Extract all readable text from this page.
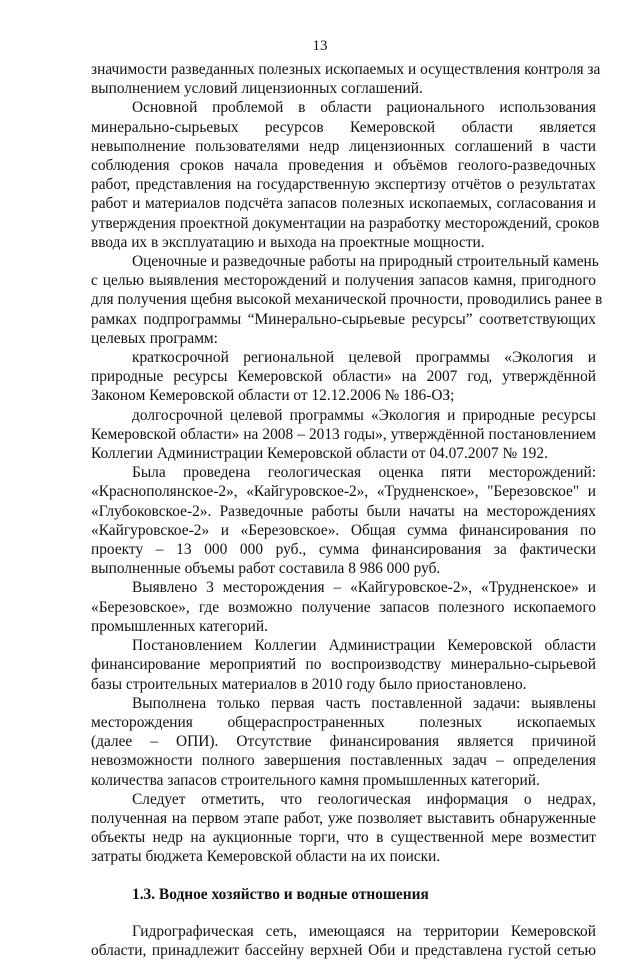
13
значимости разведанных полезных ископаемых и осуществления контроля за
выполнением условий лицензионных соглашений.
Основной проблемой в области рационального использования
минерально-сырьевых ресурсов Кемеровской области является
невыполнение пользователями недр лицензионных соглашений в части
соблюдения сроков начала проведения и объёмов геолого-разведочных
работ, представления на государственную экспертизу отчётов о результатах
работ и материалов подсчёта запасов полезных ископаемых, согласования и
утверждения проектной документации на разработку месторождений, сроков
ввода их в эксплуатацию и выхода на проектные мощности.
Оценочные и разведочные работы на природный строительный камень
с целью выявления месторождений и получения запасов камня, пригодного
для получения щебня высокой механической прочности, проводились ранее в
рамках подпрограммы “Минерально-сырьевые ресурсы” соответствующих
целевых программ:
краткосрочной региональной целевой программы «Экология и
природные ресурсы Кемеровской области» на 2007 год, утверждённой
Законом Кемеровской области от 12.12.2006 № 186-ОЗ;
долгосрочной целевой программы «Экология и природные ресурсы
Кемеровской области» на 2008 – 2013 годы», утверждённой постановлением
Коллегии Администрации Кемеровской области от 04.07.2007 № 192.
Была проведена геологическая оценка пяти месторождений:
«Краснополянское-2», «Кайгуровское-2», «Трудненское», "Березовское" и
«Глубоковское-2». Разведочные работы были начаты на месторождениях
«Кайгуровское-2» и «Березовское». Общая сумма финансирования по
проекту – 13 000 000 руб., сумма финансирования за фактически
выполненные объемы работ составила 8 986 000 руб.
Выявлено 3 месторождения – «Кайгуровское-2», «Трудненское» и
«Березовское», где возможно получение запасов полезного ископаемого
промышленных категорий.
Постановлением Коллегии Администрации Кемеровской области
финансирование мероприятий по воспроизводству минерально-сырьевой
базы строительных материалов в 2010 году было приостановлено.
Выполнена только первая часть поставленной задачи: выявлены
месторождения общераспространенных полезных ископаемых
(далее – ОПИ). Отсутствие финансирования является причиной
невозможности полного завершения поставленных задач – определения
количества запасов строительного камня промышленных категорий.
Следует отметить, что геологическая информация о недрах,
полученная на первом этапе работ, уже позволяет выставить обнаруженные
объекты недр на аукционные торги, что в существенной мере возместит
затраты бюджета Кемеровской области на их поиски.
1.3. Водное хозяйство и водные отношения
Гидрографическая сеть, имеющаяся на территории Кемеровской
области, принадлежит бассейну верхней Оби и представлена густой сетью
